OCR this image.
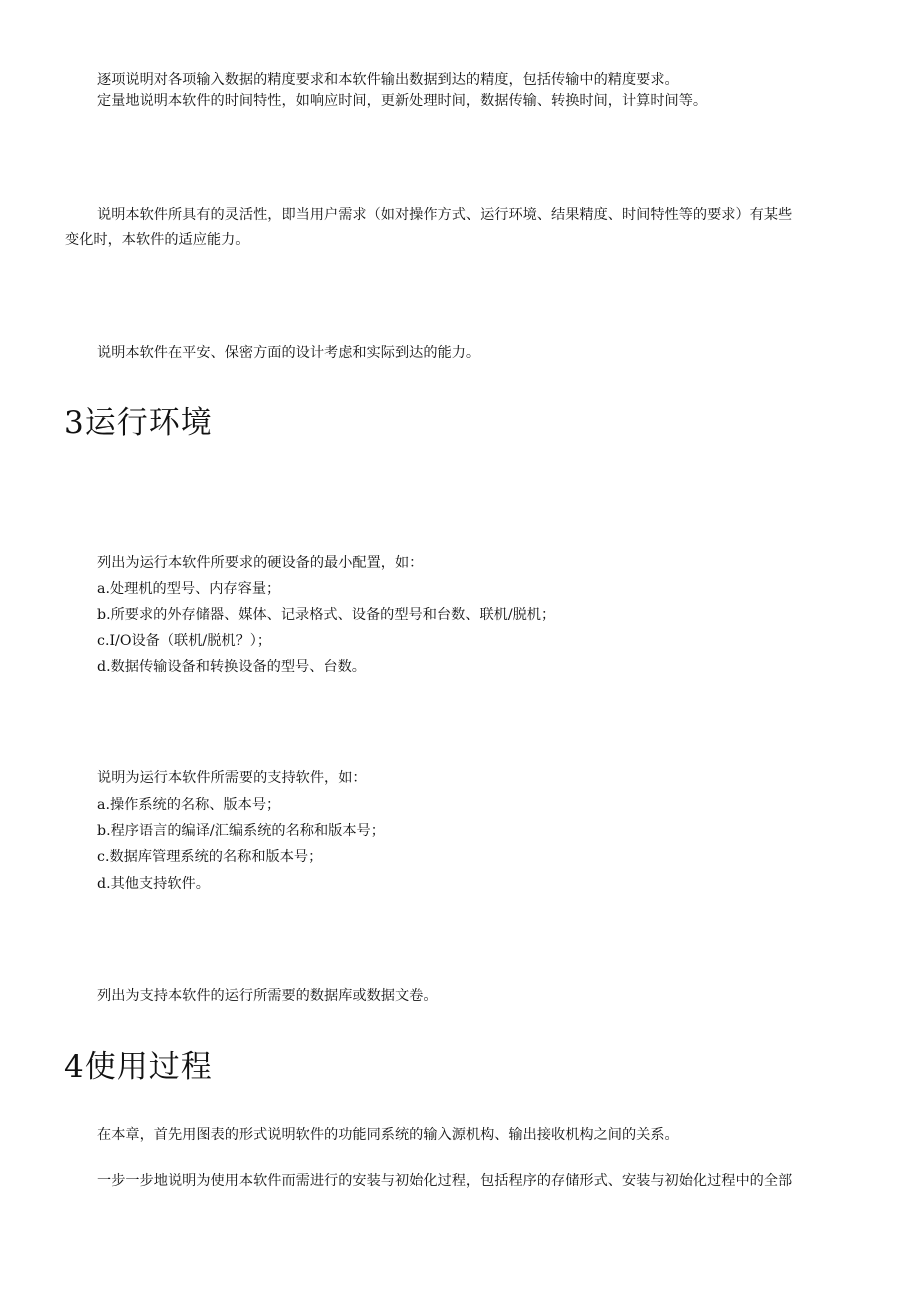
逐项说明对各项输入数据的精度要求和本软件输出数据到达的精度，包括传输中的精度要求。
定量地说明本软件的时间特性，如响应时间，更新处理时间，数据传输、转换时间，计算时间等。
说明本软件所具有的灵活性，即当用户需求（如对操作方式、运行环境、结果精度、时间特性等的要求）有某些
变化时，本软件的适应能力。
说明本软件在平安、保密方面的设计考虑和实际到达的能力。
3运行环境
列出为运行本软件所要求的硬设备的最小配置，如：
a.处理机的型号、内存容量；
b.所要求的外存储器、媒体、记录格式、设备的型号和台数、联机/脱机；
c.I/O设备（联机/脱机？）；
d.数据传输设备和转换设备的型号、台数。
说明为运行本软件所需要的支持软件，如：
a.操作系统的名称、版本号；
b.程序语言的编译/汇编系统的名称和版本号；
c.数据库管理系统的名称和版本号；
d.其他支持软件。
列出为支持本软件的运行所需要的数据库或数据文卷。
4使用过程
在本章，首先用图表的形式说明软件的功能同系统的输入源机构、输出接收机构之间的关系。
一步一步地说明为使用本软件而需进行的安装与初始化过程，包括程序的存储形式、安装与初始化过程中的全部
